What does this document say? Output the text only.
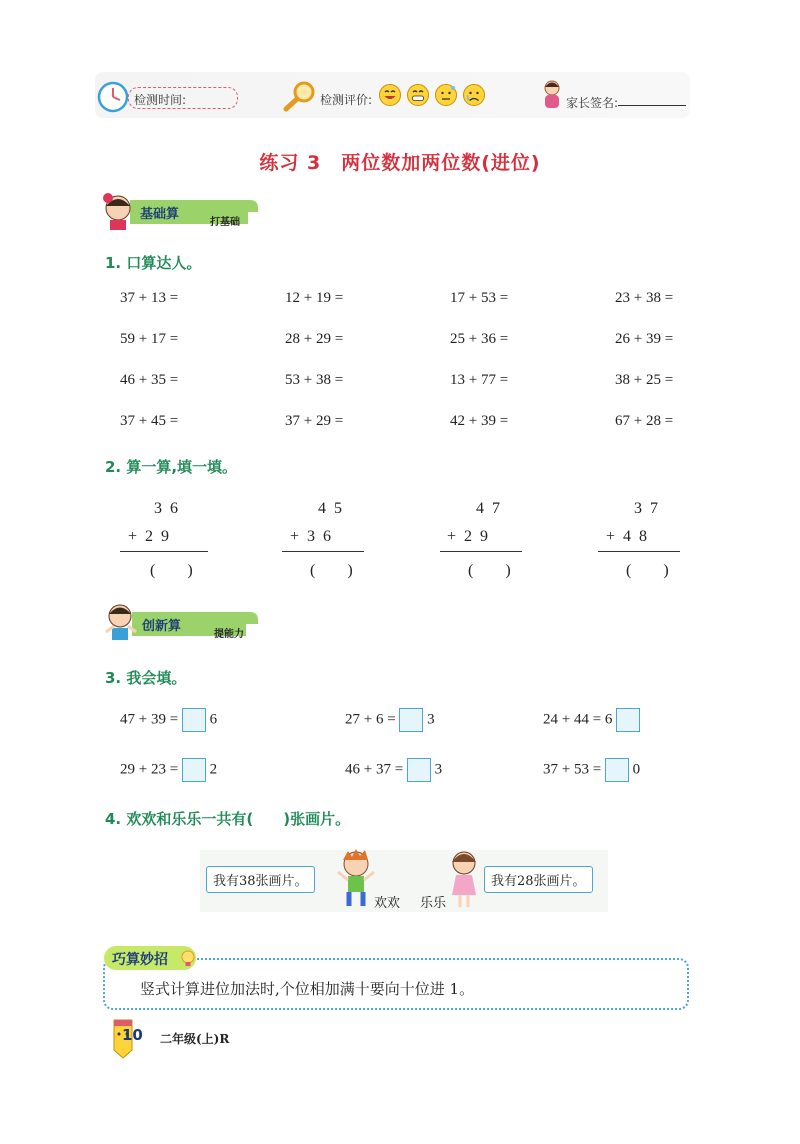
检测时间:	检测评价:	家长签名:
练习 3　两位数加两位数(进位)
基础算
打基础
1. 口算达人。
37 + 13 =	12 + 19 =	17 + 53 =	23 + 38 =
59 + 17 =	28 + 29 =	25 + 36 =	26 + 39 =
46 + 35 =	53 + 38 =	13 + 77 =	38 + 25 =
37 + 45 =	37 + 29 =	42 + 39 =	67 + 28 =
2. 算一算,填一填。
3  6
+  2  9
(　　)
4  5
+  3  6
(　　)
4  7
+  2  9
(　　)
3  7
+  4  8
(　　)
创新算
提能力
3. 我会填。
47 + 39 = 6	27 + 6 = 3	24 + 44 = 6
29 + 23 = 2	46 + 37 = 3	37 + 53 = 0
4. 欢欢和乐乐一共有(　　)张画片。
我有38张画片。	我有28张画片。
欢欢 乐乐
巧算妙招
竖式计算进位加法时,个位相加满十要向十位进 1。
10 二年级(上)R
